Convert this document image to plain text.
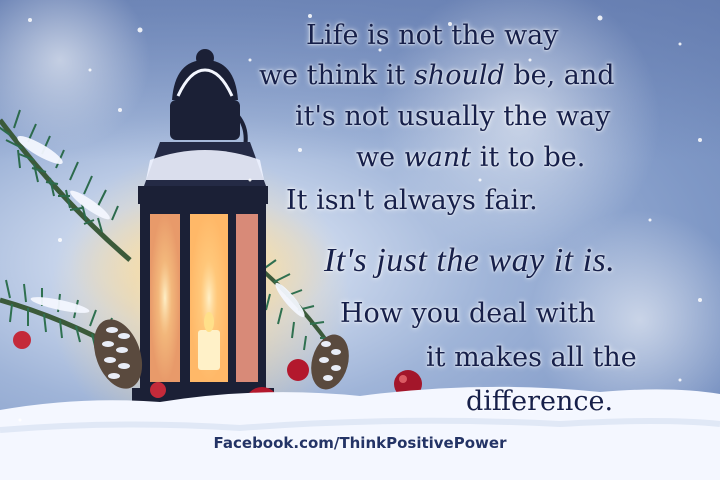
Life is not the way
we think it should be, and
it's not usually the way
we want it to be.
It isn't always fair.
It's just the way it is.
How you deal with
it makes all the
difference.
Facebook.com/ThinkPositivePower
